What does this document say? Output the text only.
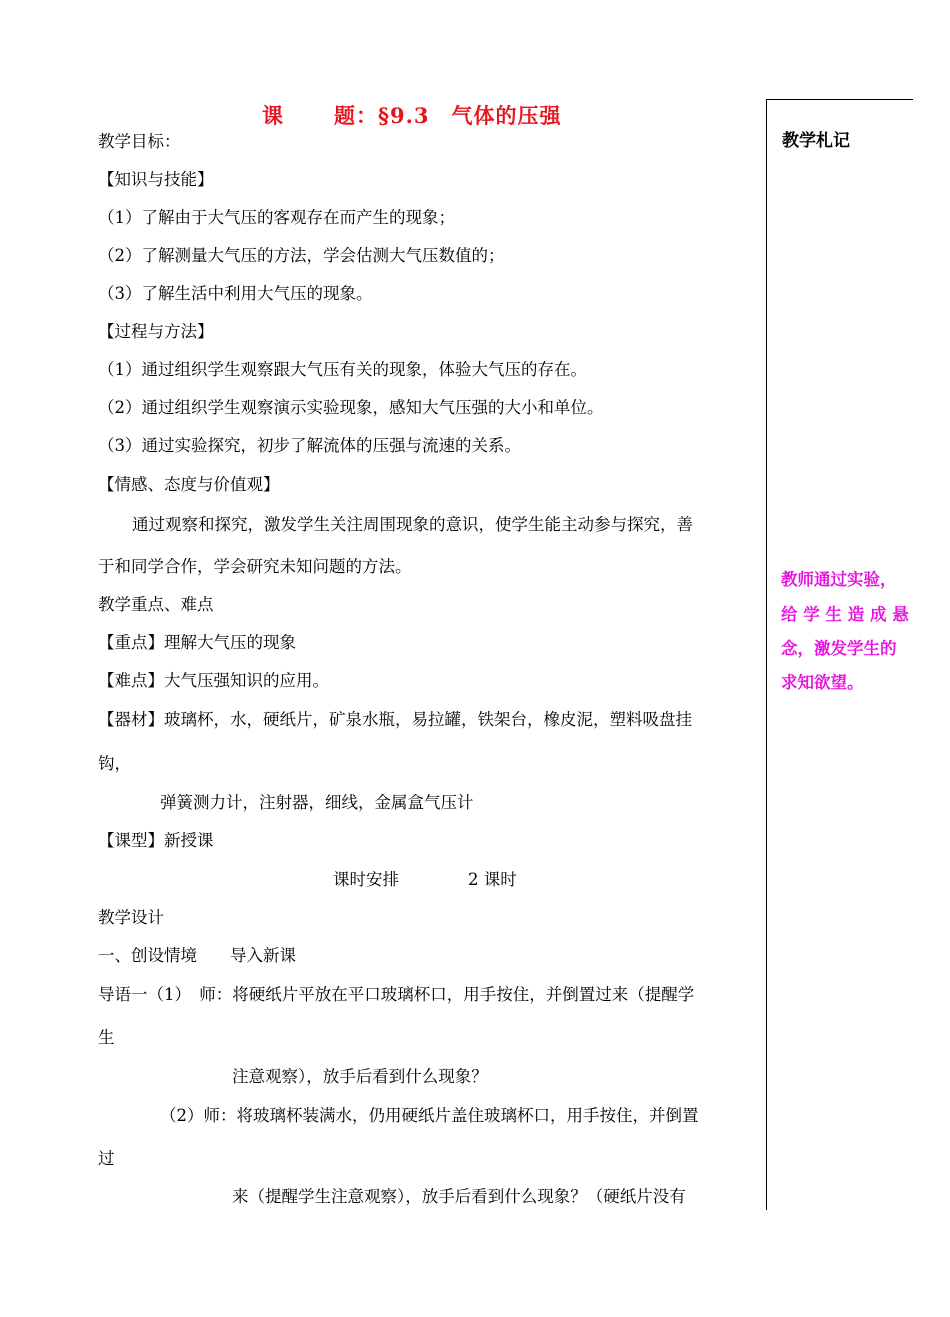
课 题：§9.3　气体的压强
教学札记
教师通过实验，
给 学 生 造 成 悬
念，激发学生的
求知欲望。
教学目标：
【知识与技能】
（1）了解由于大气压的客观存在而产生的现象；
（2）了解测量大气压的方法，学会估测大气压数值的；
（3）了解生活中利用大气压的现象。
【过程与方法】
（1）通过组织学生观察跟大气压有关的现象，体验大气压的存在。
（2）通过组织学生观察演示实验现象，感知大气压强的大小和单位。
（3）通过实验探究，初步了解流体的压强与流速的关系。
【情感、态度与价值观】
通过观察和探究，激发学生关注周围现象的意识，使学生能主动参与探究，善
于和同学合作，学会研究未知问题的方法。
教学重点、难点
【重点】理解大气压的现象
【难点】大气压强知识的应用。
【器材】玻璃杯，水，硬纸片，矿泉水瓶，易拉罐，铁架台，橡皮泥，塑料吸盘挂
钩，
弹簧测力计，注射器，细线，金属盒气压计
【课型】新授课
课时安排	2 课时
教学设计
一、创设情境　　导入新课
导语一（1）　师：将硬纸片平放在平口玻璃杯口，用手按住，并倒置过来（提醒学
生
注意观察），放手后看到什么现象？
（2）师：将玻璃杯装满水，仍用硬纸片盖住玻璃杯口，用手按住，并倒置
过
来（提醒学生注意观察），放手后看到什么现象？（硬纸片没有
